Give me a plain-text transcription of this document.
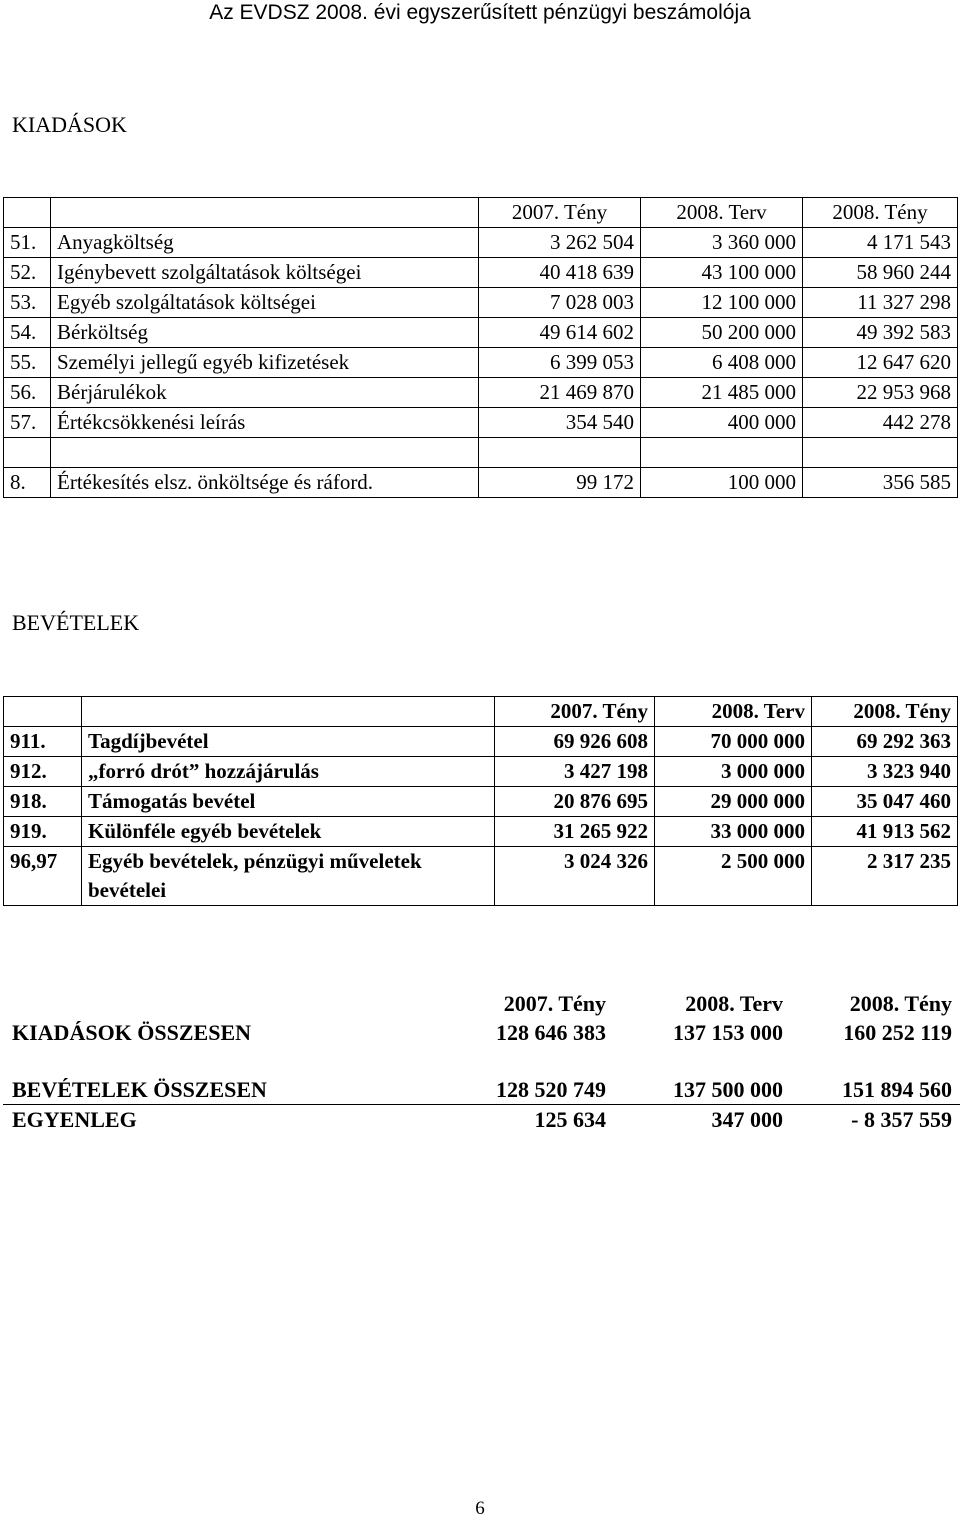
Az EVDSZ 2008. évi egyszerűsített pénzügyi beszámolója
KIADÁSOK
		2007. Tény	2008. Terv	2008. Tény
51.	Anyagköltség	3 262 504	3 360 000	4 171 543
52.	Igénybevett szolgáltatások költségei	40 418 639	43 100 000	58 960 244
53.	Egyéb szolgáltatások költségei	7 028 003	12 100 000	11 327 298
54.	Bérköltség	49 614 602	50 200 000	49 392 583
55.	Személyi jellegű egyéb kifizetések	6 399 053	6 408 000	12 647 620
56.	Bérjárulékok	21 469 870	21 485 000	22 953 968
57.	Értékcsökkenési leírás	354 540	400 000	442 278

8.	Értékesítés elsz. önköltsége és ráford.	99 172	100 000	356 585
BEVÉTELEK
		2007. Tény	2008. Terv	2008. Tény
911.	Tagdíjbevétel	69 926 608	70 000 000	69 292 363
912.	„forró drót” hozzájárulás	3 427 198	3 000 000	3 323 940
918.	Támogatás bevétel	20 876 695	29 000 000	35 047 460
919.	Különféle egyéb bevételek	31 265 922	33 000 000	41 913 562
96,97	Egyéb bevételek, pénzügyi műveletek bevételei	3 024 326	2 500 000	2 317 235
2007. Tény	2008. Terv	2008. Tény
KIADÁSOK ÖSSZESEN	128 646 383	137 153 000	160 252 119
BEVÉTELEK ÖSSZESEN	128 520 749	137 500 000	151 894 560
EGYENLEG	125 634	347 000	- 8 357 559
6
